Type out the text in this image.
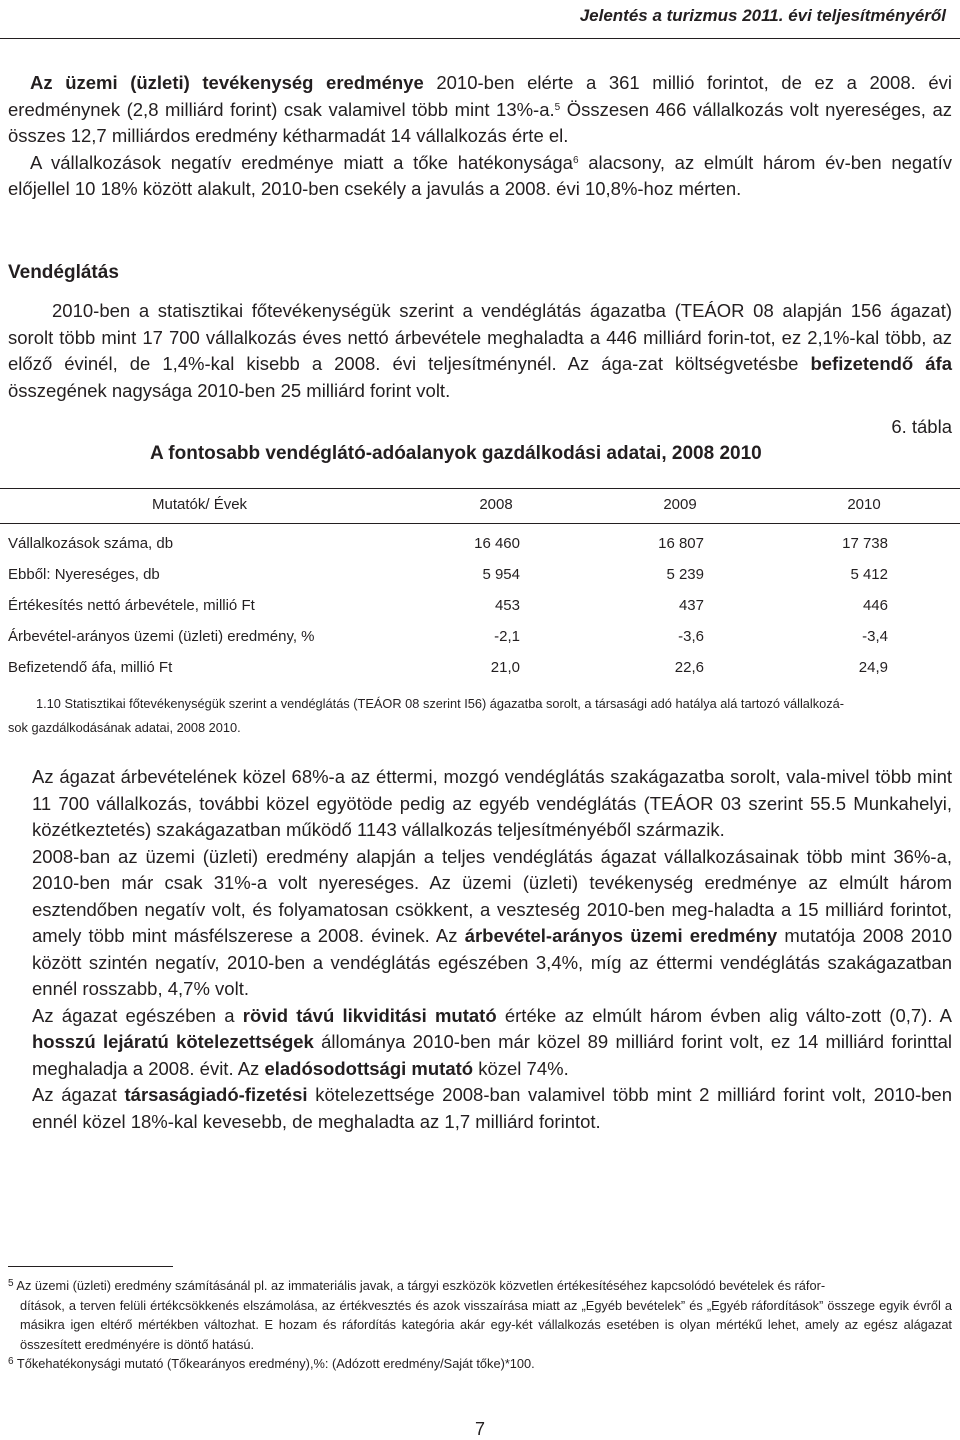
Jelentés a turizmus 2011. évi teljesítményéről
Az üzemi (üzleti) tevékenység eredménye 2010-ben elérte a 361 millió forintot, de ez a 2008. évi eredménynek (2,8 milliárd forint) csak valamivel több mint 13%-a.$^5$ Összesen 466 vállalkozás volt nyereséges, az összes 12,7 milliárdos eredmény kétharmadát 14 vállalkozás érte el.
A vállalkozások negatív eredménye miatt a tőke hatékonysága$^6$ alacsony, az elmúlt három év-ben negatív előjellel 10 18% között alakult, 2010-ben csekély a javulás a 2008. évi 10,8%-hoz mérten.
Vendéglátás
2010-ben a statisztikai főtevékenységük szerint a vendéglátás ágazatba (TEÁOR 08 alapján 156 ágazat) sorolt több mint 17 700 vállalkozás éves nettó árbevétele meghaladta a 446 milliárd forin-tot, ez 2,1%-kal több, az előző évinél, de 1,4%-kal kisebb a 2008. évi teljesítménynél. Az ága-zat költségvetésbe befizetendő áfa összegének nagysága 2010-ben 25 milliárd forint volt.
6. tábla
A fontosabb vendéglátó-adóalanyok gazdálkodási adatai, 2008 2010
Mutatók/ Évek	2008	2009	2010
Vállalkozások száma, db	16 460	16 807	17 738
Ebből: Nyereséges, db	5 954	5 239	5 412
Értékesítés nettó árbevétele, millió Ft	453	437	446
Árbevétel-arányos üzemi (üzleti) eredmény, %	-2,1	-3,6	-3,4
Befizetendő áfa, millió Ft	21,0	22,6	24,9
1.10 Statisztikai főtevékenységük szerint a vendéglátás (TEÁOR 08 szerint I56) ágazatba sorolt, a társasági adó hatálya alá tartozó vállalkozá-
sok gazdálkodásának adatai, 2008 2010.
Az ágazat árbevételének közel 68%-a az éttermi, mozgó vendéglátás szakágazatba sorolt, vala-mivel több mint 11 700 vállalkozás, további közel egyötöde pedig az egyéb vendéglátás (TEÁOR 03 szerint 55.5 Munkahelyi, közétkeztetés) szakágazatban működő 1143 vállalkozás teljesítményéből származik.
2008-ban az üzemi (üzleti) eredmény alapján a teljes vendéglátás ágazat vállalkozásainak több mint 36%-a, 2010-ben már csak 31%-a volt nyereséges. Az üzemi (üzleti) tevékenység eredménye az elmúlt három esztendőben negatív volt, és folyamatosan csökkent, a veszteség 2010-ben meg-haladta a 15 milliárd forintot, amely több mint másfélszerese a 2008. évinek. Az árbevétel-arányos üzemi eredmény mutatója 2008 2010 között szintén negatív, 2010-ben a vendéglátás egészében 3,4%, míg az éttermi vendéglátás szakágazatban ennél rosszabb, 4,7% volt.
Az ágazat egészében a rövid távú likviditási mutató értéke az elmúlt három évben alig válto-zott (0,7). A hosszú lejáratú kötelezettségek állománya 2010-ben már közel 89 milliárd forint volt, ez 14 milliárd forinttal meghaladja a 2008. évit. Az eladósodottsági mutató közel 74%.
Az ágazat társaságiadó-fizetési kötelezettsége 2008-ban valamivel több mint 2 milliárd forint volt, 2010-ben ennél közel 18%-kal kevesebb, de meghaladta az 1,7 milliárd forintot.
$^5$ Az üzemi (üzleti) eredmény számításánál pl. az immateriális javak, a tárgyi eszközök közvetlen értékesítéséhez kapcsolódó bevételek és ráfor-
dítások, a terven felüli értékcsökkenés elszámolása, az értékvesztés és azok visszaírása miatt az „Egyéb bevételek” és „Egyéb ráfordítások” összege egyik évről a másikra igen eltérő mértékben változhat. E hozam és ráfordítás kategória akár egy-két vállalkozás esetében is olyan mértékű lehet, amely az egész alágazat összesített eredményére is döntő hatású.
$^6$ Tőkehatékonysági mutató (Tőkearányos eredmény),%: (Adózott eredmény/Saját tőke)*100.
7
